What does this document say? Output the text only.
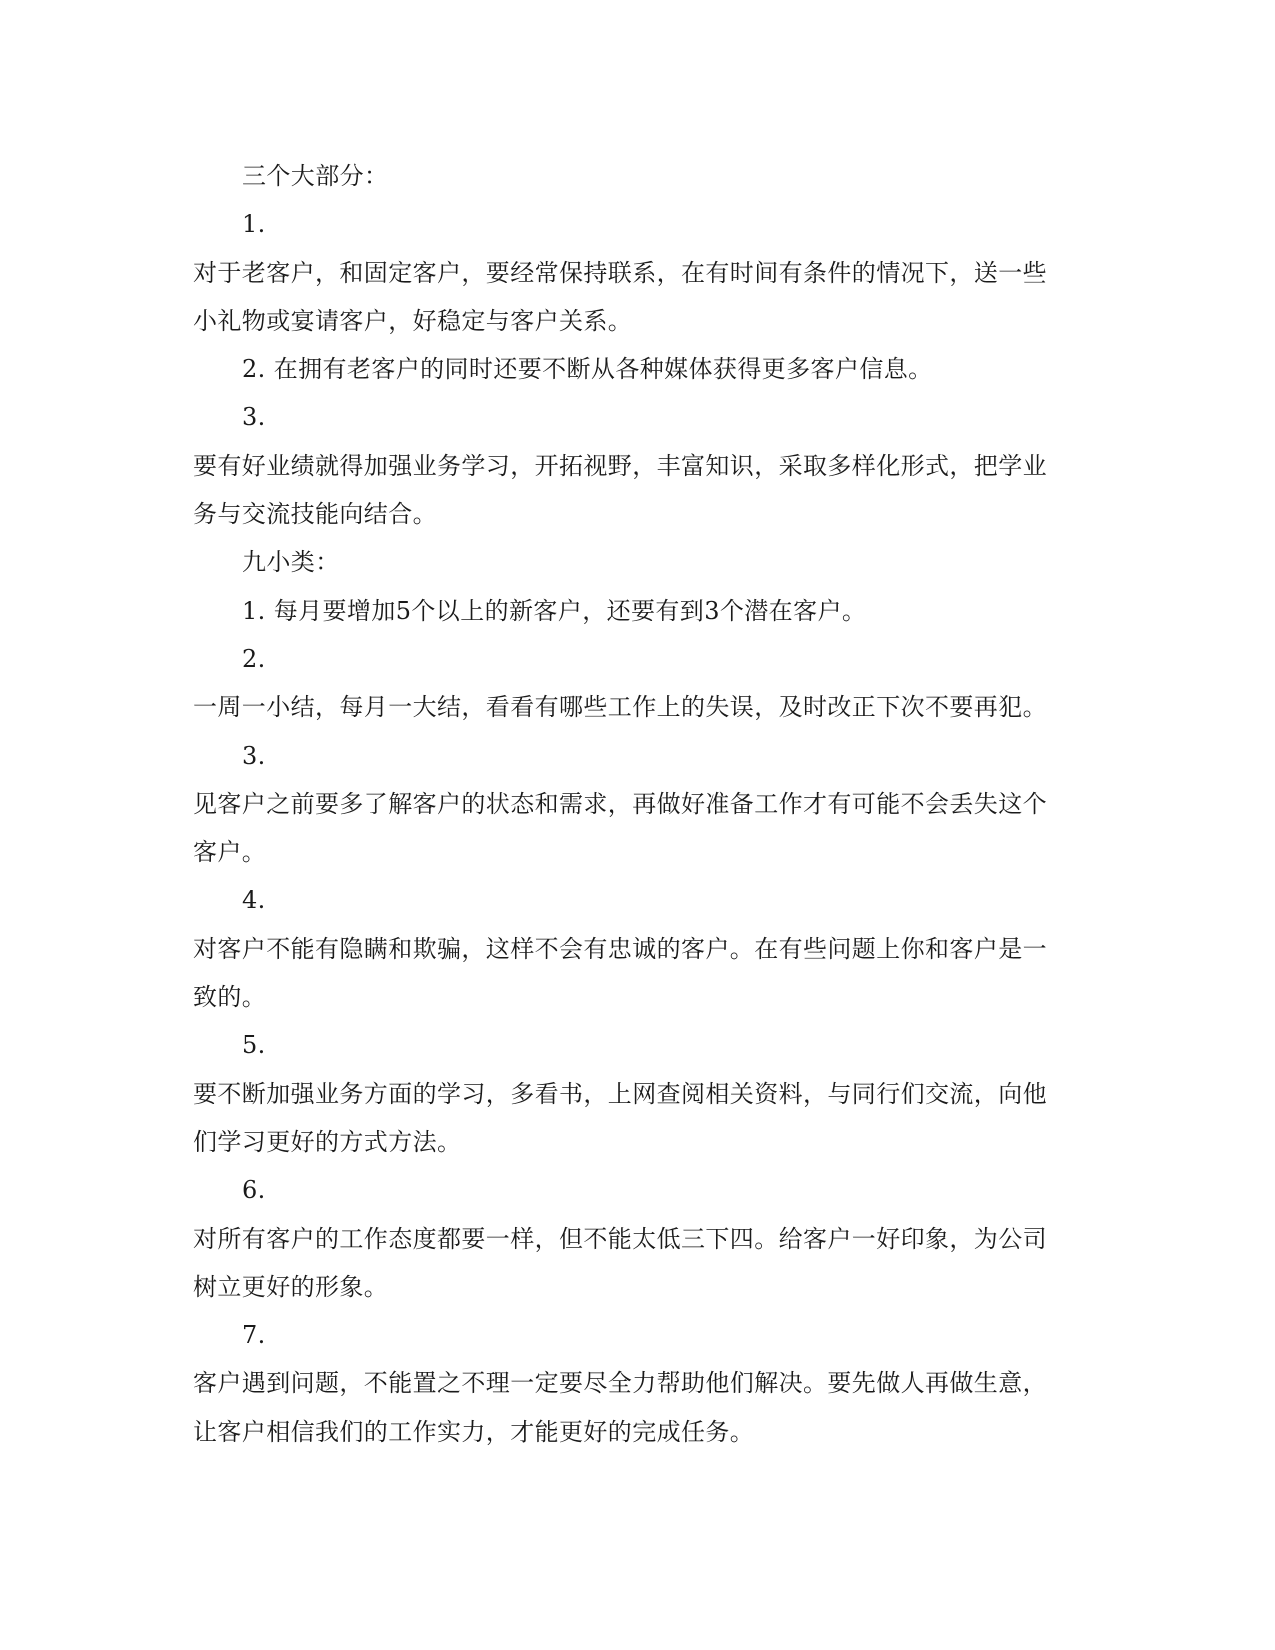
三个大部分：

1.

对于老客户，和固定客户，要经常保持联系，在有时间有条件的情况下，送一些

小礼物或宴请客户，好稳定与客户关系。

2. 在拥有老客户的同时还要不断从各种媒体获得更多客户信息。

3.

要有好业绩就得加强业务学习，开拓视野，丰富知识，采取多样化形式，把学业

务与交流技能向结合。

九小类：

1. 每月要增加5个以上的新客户，还要有到3个潜在客户。

2.

一周一小结，每月一大结，看看有哪些工作上的失误，及时改正下次不要再犯。

3.

见客户之前要多了解客户的状态和需求，再做好准备工作才有可能不会丢失这个

客户。

4.

对客户不能有隐瞒和欺骗，这样不会有忠诚的客户。在有些问题上你和客户是一

致的。

5.

要不断加强业务方面的学习，多看书，上网查阅相关资料，与同行们交流，向他

们学习更好的方式方法。

6.

对所有客户的工作态度都要一样，但不能太低三下四。给客户一好印象，为公司

树立更好的形象。

7.

客户遇到问题，不能置之不理一定要尽全力帮助他们解决。要先做人再做生意，

让客户相信我们的工作实力，才能更好的完成任务。
